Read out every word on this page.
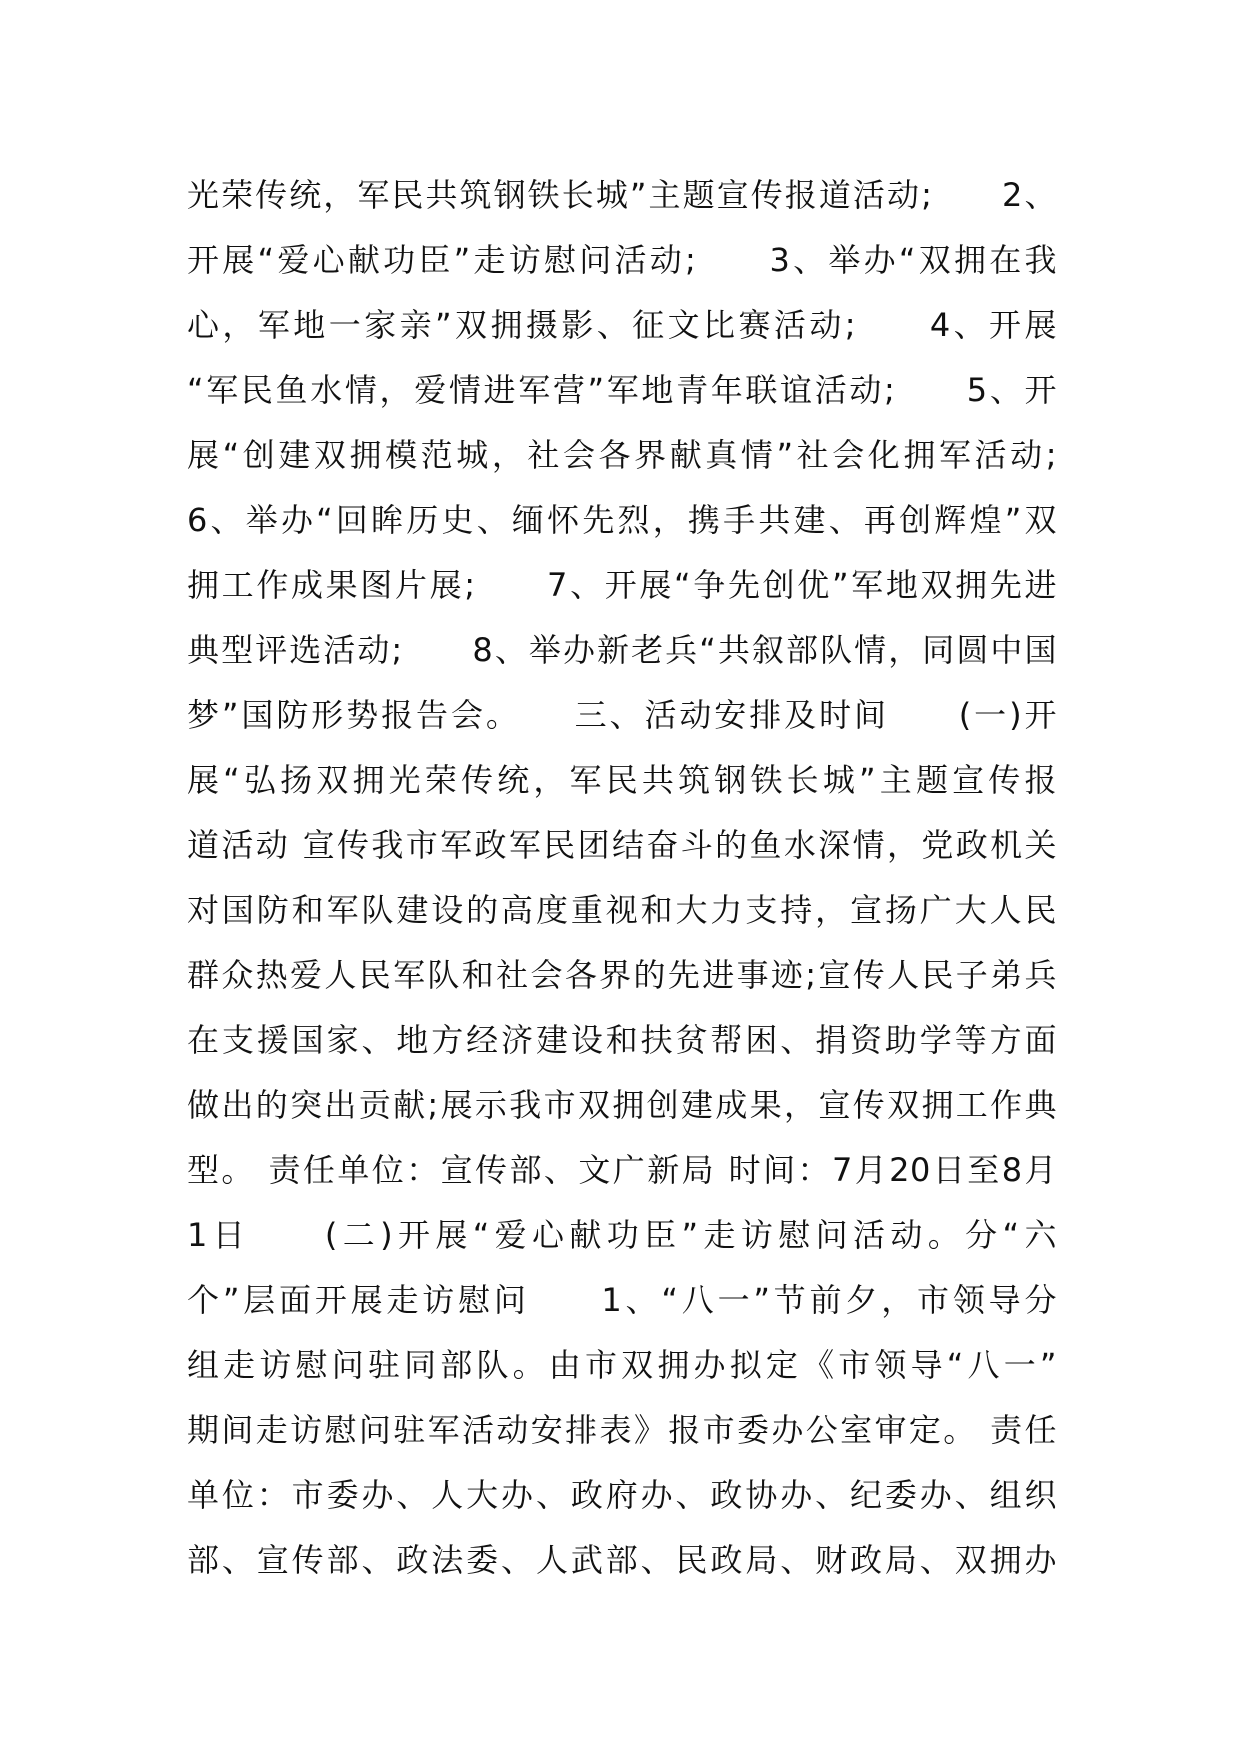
光荣传统，军民共筑钢铁长城”主题宣传报道活动;　　2、
开展“爱心献功臣”走访慰问活动;　　3、举办“双拥在我
心，军地一家亲”双拥摄影、征文比赛活动;　　4、开展
“军民鱼水情，爱情进军营”军地青年联谊活动;　　5、开
展“创建双拥模范城，社会各界献真情”社会化拥军活动;
6、举办“回眸历史、缅怀先烈，携手共建、再创辉煌”双
拥工作成果图片展;　　7、开展“争先创优”军地双拥先进
典型评选活动;　　8、举办新老兵“共叙部队情，同圆中国
梦”国防形势报告会。　　三、活动安排及时间　　(一)开
展“弘扬双拥光荣传统，军民共筑钢铁长城”主题宣传报
道活动 宣传我市军政军民团结奋斗的鱼水深情，党政机关
对国防和军队建设的高度重视和大力支持，宣扬广大人民
群众热爱人民军队和社会各界的先进事迹;宣传人民子弟兵
在支援国家、地方经济建设和扶贫帮困、捐资助学等方面
做出的突出贡献;展示我市双拥创建成果，宣传双拥工作典
型。 责任单位：宣传部、文广新局 时间：7月20日至8月
1日　　(二)开展“爱心献功臣”走访慰问活动。分“六
个”层面开展走访慰问　　1、“八一”节前夕，市领导分
组走访慰问驻同部队。由市双拥办拟定《市领导“八一”
期间走访慰问驻军活动安排表》报市委办公室审定。 责任
单位：市委办、人大办、政府办、政协办、纪委办、组织
部、宣传部、政法委、人武部、民政局、财政局、双拥办
